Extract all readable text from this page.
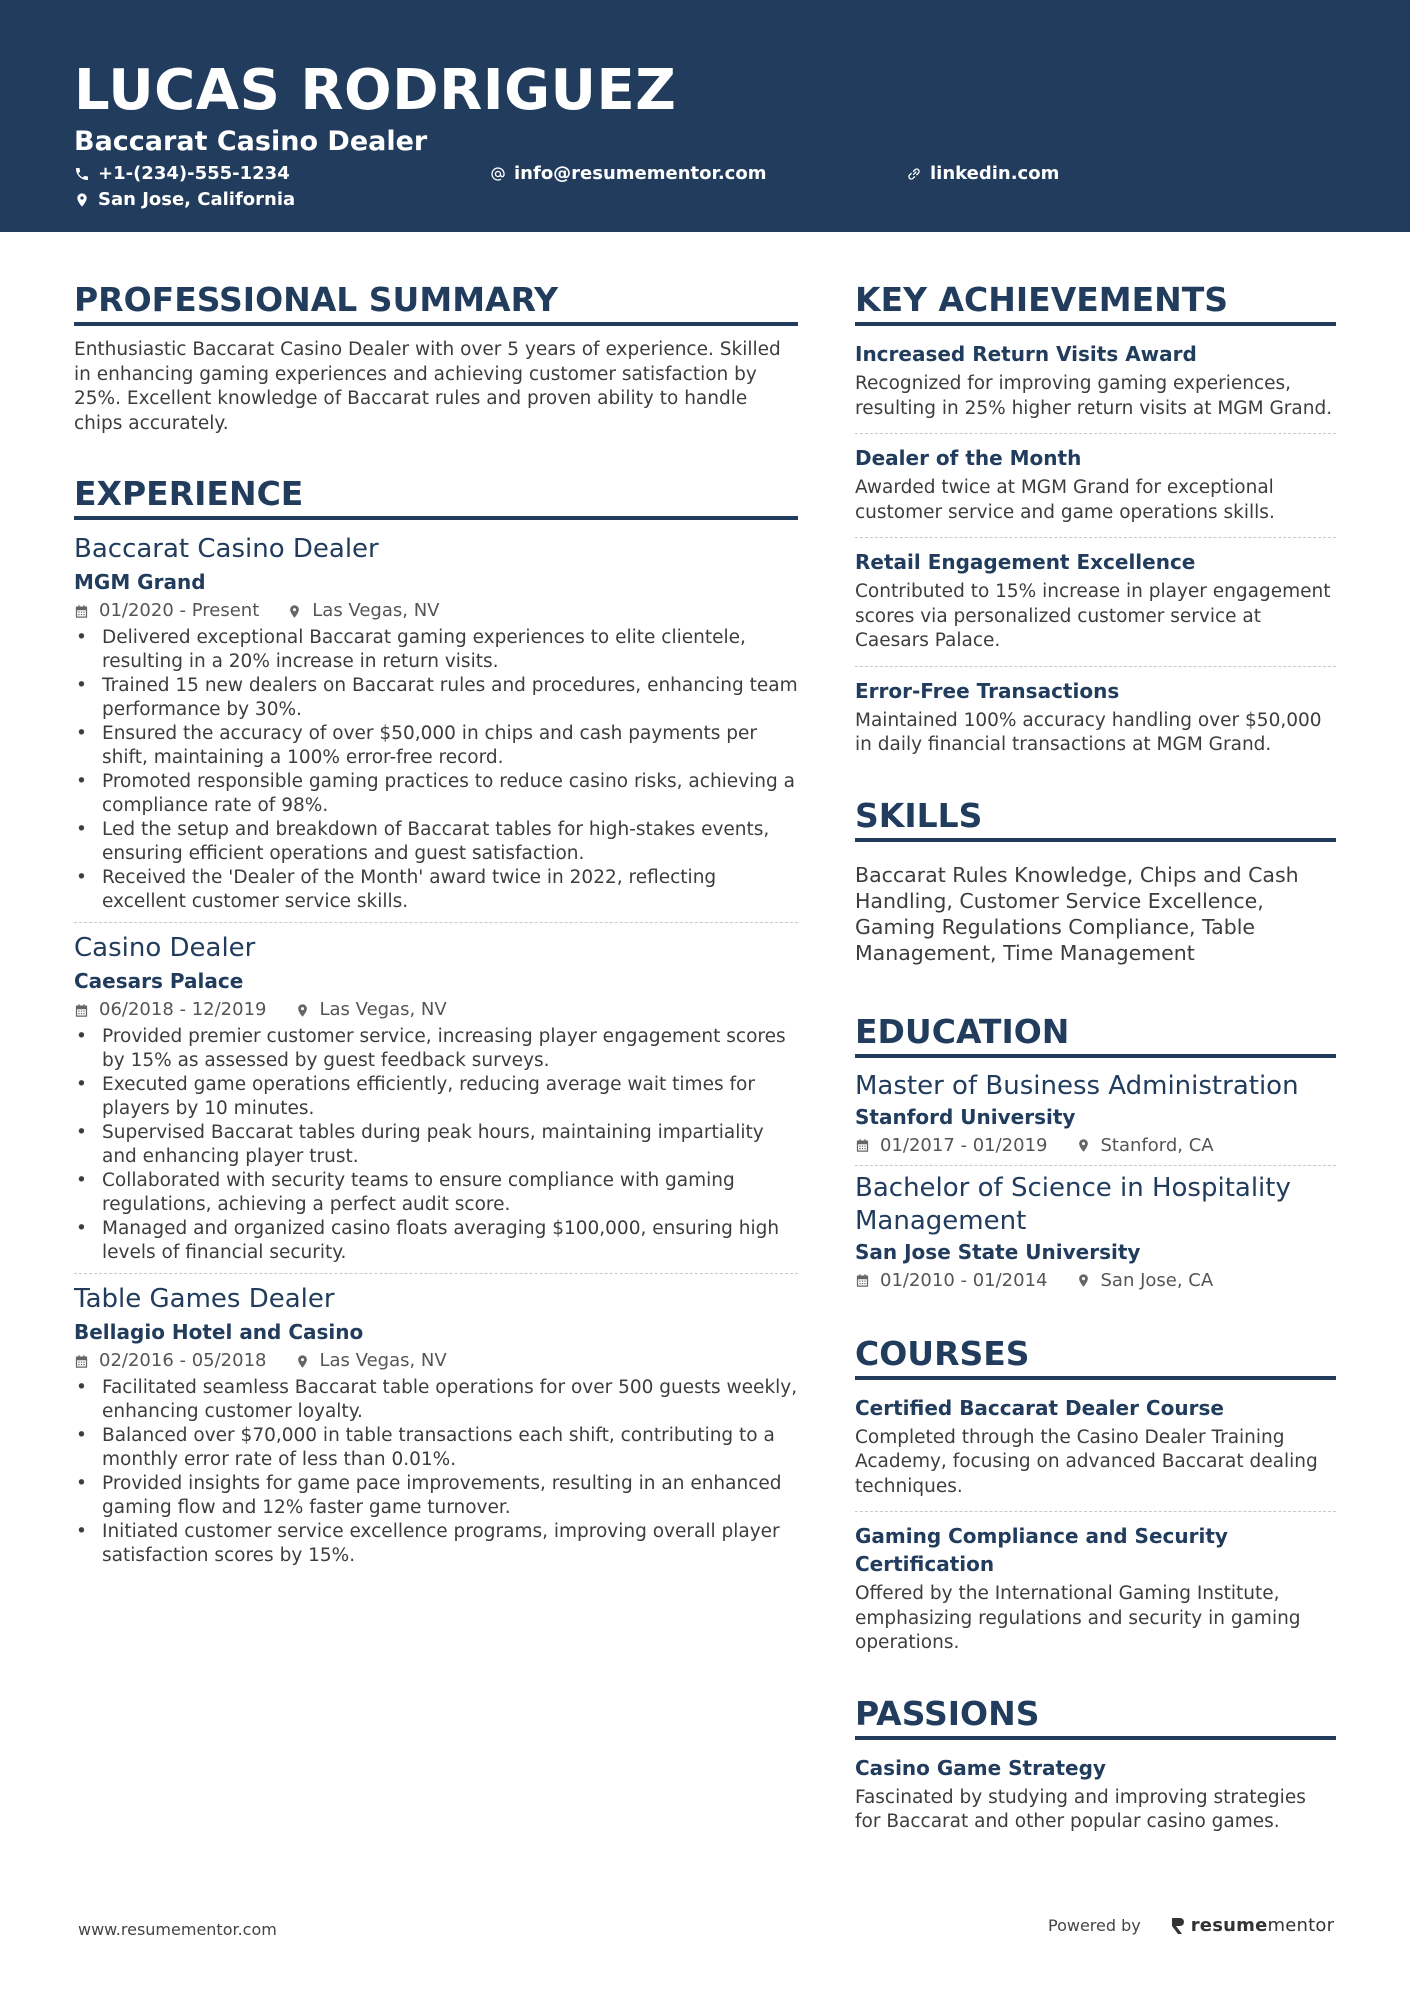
LUCAS RODRIGUEZ
Baccarat Casino Dealer
+1-(234)-555-1234	info@resumementor.com	linkedin.com
San Jose, California
PROFESSIONAL SUMMARY

Enthusiastic Baccarat Casino Dealer with over 5 years of experience. Skilled in enhancing gaming experiences and achieving customer satisfaction by 25%. Excellent knowledge of Baccarat rules and proven ability to handle chips accurately.

EXPERIENCE
Baccarat Casino Dealer
MGM Grand
01/2020 - Present	Las Vegas, NV
• Delivered exceptional Baccarat gaming experiences to elite clientele, resulting in a 20% increase in return visits.
• Trained 15 new dealers on Baccarat rules and procedures, enhancing team performance by 30%.
• Ensured the accuracy of over $50,000 in chips and cash payments per shift, maintaining a 100% error-free record.
• Promoted responsible gaming practices to reduce casino risks, achieving a compliance rate of 98%.
• Led the setup and breakdown of Baccarat tables for high-stakes events, ensuring efficient operations and guest satisfaction.
• Received the 'Dealer of the Month' award twice in 2022, reflecting excellent customer service skills.
Casino Dealer
Caesars Palace
06/2018 - 12/2019	Las Vegas, NV
• Provided premier customer service, increasing player engagement scores by 15% as assessed by guest feedback surveys.
• Executed game operations efficiently, reducing average wait times for players by 10 minutes.
• Supervised Baccarat tables during peak hours, maintaining impartiality and enhancing player trust.
• Collaborated with security teams to ensure compliance with gaming regulations, achieving a perfect audit score.
• Managed and organized casino floats averaging $100,000, ensuring high levels of financial security.
Table Games Dealer
Bellagio Hotel and Casino
02/2016 - 05/2018	Las Vegas, NV
• Facilitated seamless Baccarat table operations for over 500 guests weekly, enhancing customer loyalty.
• Balanced over $70,000 in table transactions each shift, contributing to a monthly error rate of less than 0.01%.
• Provided insights for game pace improvements, resulting in an enhanced gaming flow and 12% faster game turnover.
• Initiated customer service excellence programs, improving overall player satisfaction scores by 15%.
KEY ACHIEVEMENTS
Increased Return Visits Award
Recognized for improving gaming experiences, resulting in 25% higher return visits at MGM Grand.
Dealer of the Month
Awarded twice at MGM Grand for exceptional customer service and game operations skills.
Retail Engagement Excellence
Contributed to 15% increase in player engagement scores via personalized customer service at Caesars Palace.
Error-Free Transactions
Maintained 100% accuracy handling over $50,000 in daily financial transactions at MGM Grand.
SKILLS

Baccarat Rules Knowledge, Chips and Cash Handling, Customer Service Excellence, Gaming Regulations Compliance, Table Management, Time Management

EDUCATION
Master of Business Administration
Stanford University
01/2017 - 01/2019	Stanford, CA
Bachelor of Science in Hospitality Management
San Jose State University
01/2010 - 01/2014	San Jose, CA
COURSES
Certified Baccarat Dealer Course
Completed through the Casino Dealer Training Academy, focusing on advanced Baccarat dealing techniques.
Gaming Compliance and Security Certification
Offered by the International Gaming Institute, emphasizing regulations and security in gaming operations.
PASSIONS
Casino Game Strategy
Fascinated by studying and improving strategies for Baccarat and other popular casino games.
www.resumementor.com	Powered by	resumementor
